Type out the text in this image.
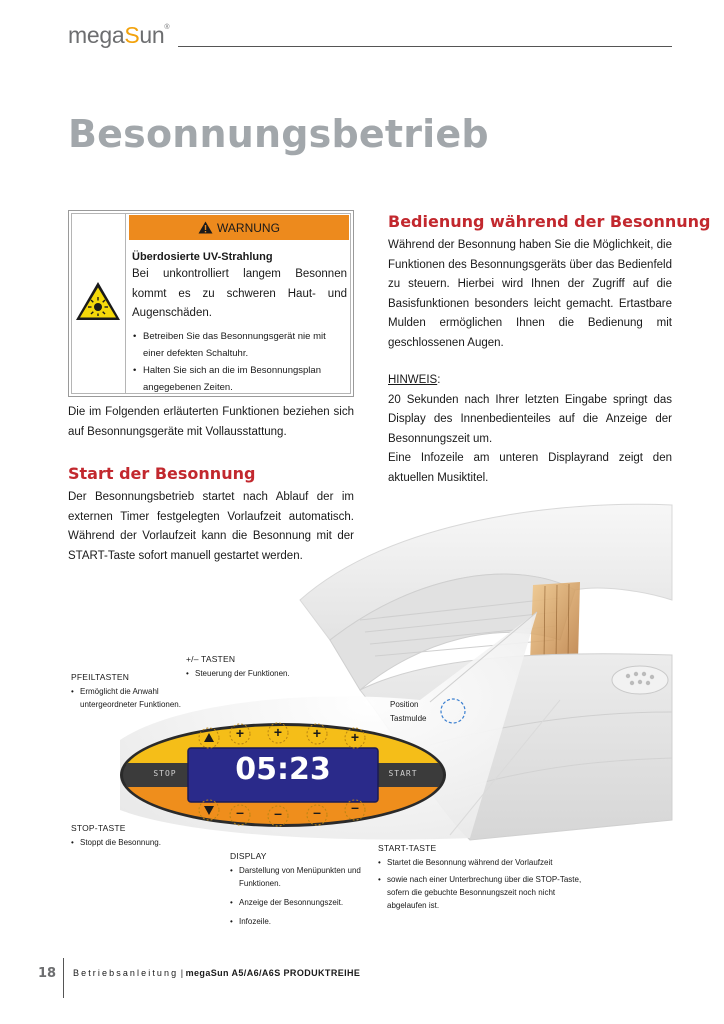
megaSun®
Besonnungsbetrieb
WARNUNG
Überdosierte UV-Strahlung
Bei unkontrolliert langem Besonnen kommt es zu schweren Haut- und Augenschäden.
• Betreiben Sie das Besonnungsgerät nie mit einer defekten Schaltuhr.
• Halten Sie sich an die im Besonnungsplan angegebenen Zeiten.
Die im Folgenden erläuterten Funktionen beziehen sich auf Besonnungsgeräte mit Vollausstattung.
Start der Besonnung
Der Besonnungsbetrieb startet nach Ablauf der im externen Timer festgelegten Vorlaufzeit automatisch. Während der Vorlaufzeit kann die Besonnung mit der START-Taste sofort manuell gestartet werden.
Bedienung während der Besonnung
Während der Besonnung haben Sie die Möglichkeit, die Funktionen des Besonnungsgeräts über das Bedienfeld zu steuern. Hierbei wird Ihnen der Zugriff auf die Basisfunktionen besonders leicht gemacht. Ertastbare Mulden ermöglichen Ihnen die Bedienung mit geschlossenen Augen.
HINWEIS:
20 Sekunden nach Ihrer letzten Eingabe springt das Display des Innenbedienteiles auf die Anzeige der Besonnungszeit um.
Eine Infozeile am unteren Displayrand zeigt den aktuellen Musiktitel.
05:23
STOP	START
+ + + +
– – – –
+/– TASTEN
• Steuerung der Funktionen.
PFEILTASTEN
• Ermöglicht die Anwahl untergeordneter Funktionen.	Position
Tastmulde
STOP-TASTE
• Stoppt die Besonnung.
DISPLAY
• Darstellung von Menüpunkten und Funktionen.
• Anzeige der Besonnungszeit.
• Infozeile.
START-TASTE
• Startet die Besonnung während der Vorlaufzeit
• sowie nach einer Unterbrechung über die STOP-Taste, sofern die gebuchte Besonnungszeit noch nicht abgelaufen ist.
18 Betriebsanleitung | megaSun A5/A6/A6S PRODUKTREIHE
